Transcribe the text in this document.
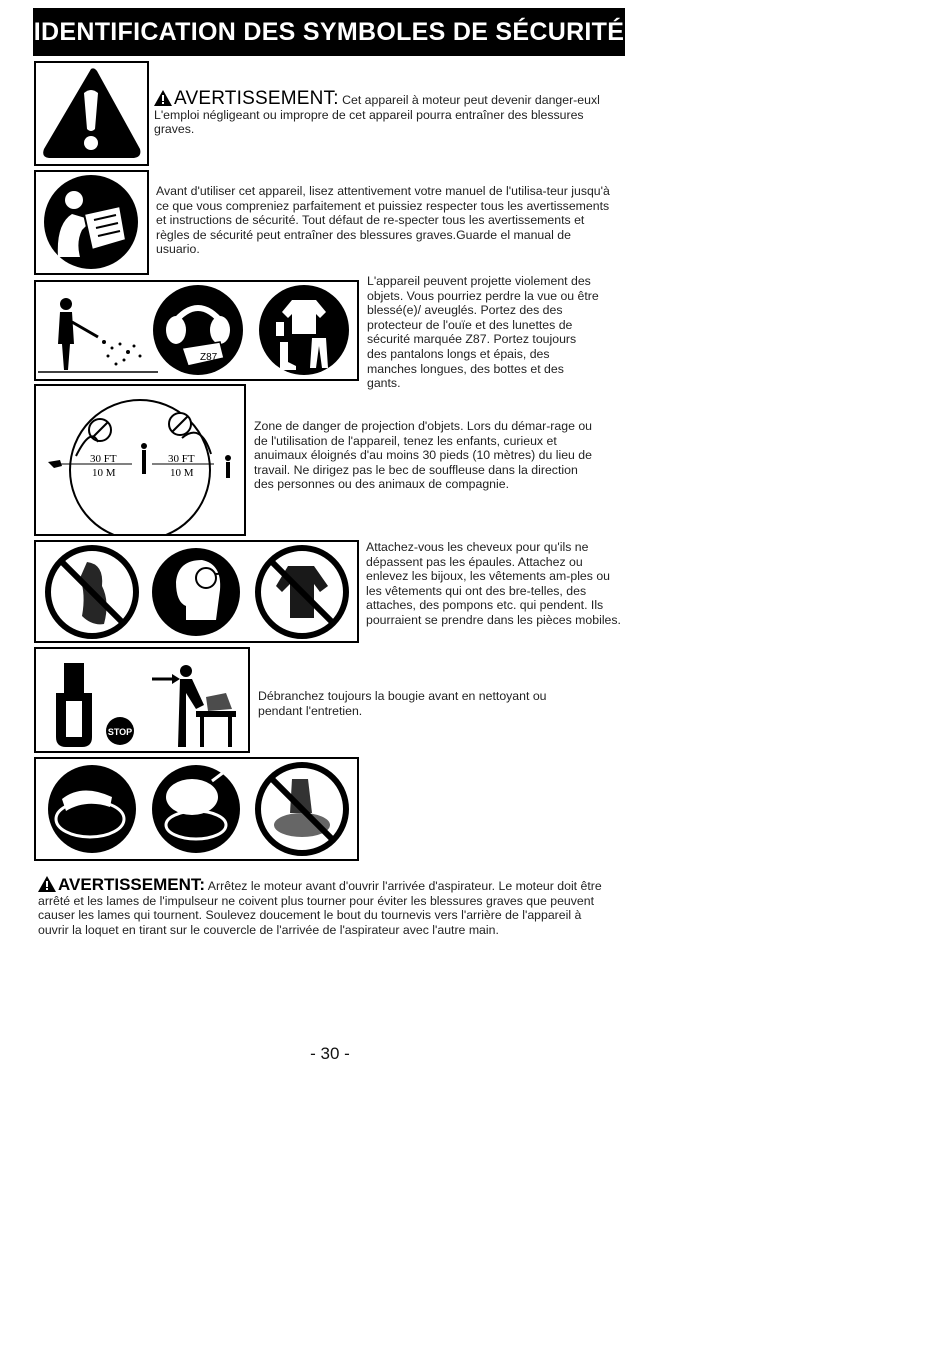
IDENTIFICATION DES SYMBOLES DE SÉCURITÉ

AVERTISSEMENT: Cet appareil à moteur peut devenir danger-euxl L'emploi négligeant ou impropre de cet appareil pourra entraîner des blessures graves.

Avant d'utiliser cet appareil, lisez attentivement votre manuel de l'utilisa-teur jusqu'à ce que vous compreniez parfaitement et puissiez respecter tous les avertissements et instructions de sécurité. Tout défaut de re-specter tous les avertissements et règles de sécurité peut entraîner des blessures graves.Guarde el manual de usuario.
Z87
L'appareil peuvent projette violement des objets. Vous pourriez perdre la vue ou être blessé(e)/ aveuglés. Portez des des protecteur de l'ouïe et des lunettes de sécurité marquée Z87. Portez toujours des pantalons longs et épais, des manches longues, des bottes et des gants.
30 FT
10 M
30 FT
10 M
Zone de danger de projection d'objets. Lors du démar-rage ou de l'utilisation de l'appareil, tenez les enfants, curieux et anuimaux éloignés d'au moins 30 pieds (10 mètres) du lieu de travail. Ne dirigez pas le bec de souffleuse dans la direction des personnes ou des animaux de compagnie.
Attachez-vous les cheveux pour qu'ils ne dépassent pas les épaules. Attachez ou enlevez les bijoux, les vêtements am-ples ou les vêtements qui ont des bre-telles, des attaches, des pompons etc. qui pendent. Ils pourraient se prendre dans les pièces mobiles.
STOP
Débranchez toujours la bougie avant en nettoyant ou pendant l'entretien.

AVERTISSEMENT: Arrêtez le moteur avant d'ouvrir l'arrivée d'aspirateur. Le moteur doit être arrêté et les lames de l'impulseur ne coivent plus tourner pour éviter les blessures graves que peuvent causer les lames qui tournent. Soulevez doucement le bout du tournevis vers l'arrière de l'appareil à ouvrir la loquet en tirant sur le couvercle de l'arrivée de l'aspirateur avec l'autre main.

- 30 -
